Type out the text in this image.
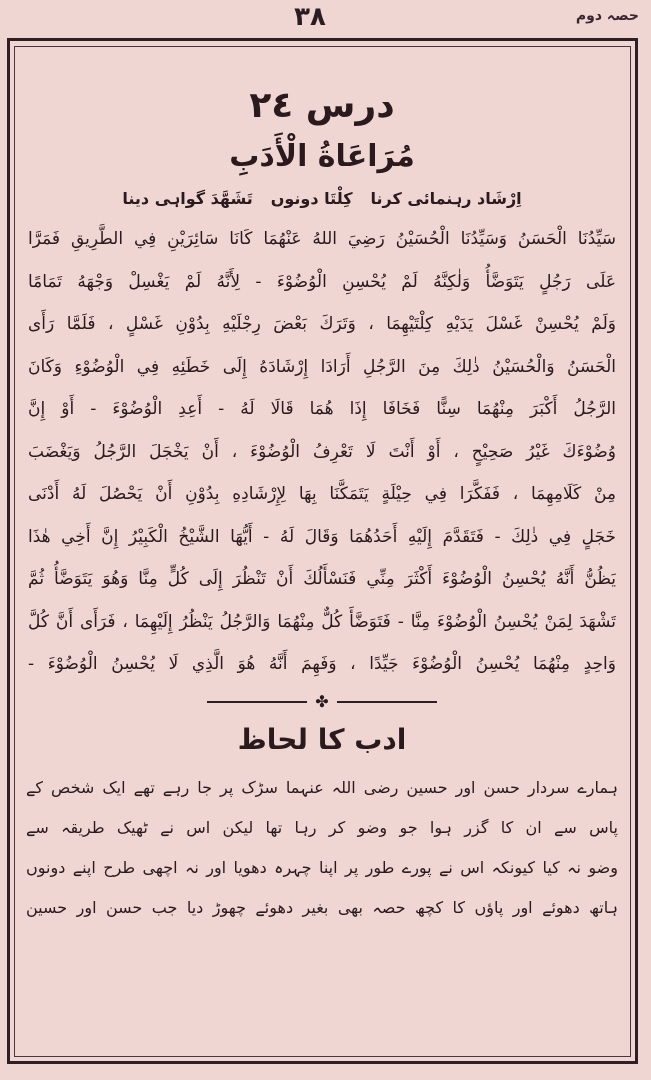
۳۸	حصہ دوم
درس ٢٤
مُرَاعَاةُ الْأَدَبِ
اِرْشَاد رہنمائی کرنا
كِلْتَا دونوں
تَشَهَّدَ گواہی دینا
سَيِّدُنَا الْحَسَنُ وَسَيِّدُنَا الْحُسَيْنُ رَضِيَ اللهُ عَنْهُمَا كَانَا سَائِرَيْنِ فِي الطَّرِيقِ فَمَرَّا
عَلَى رَجُلٍ يَتَوَضَّأُ وَلٰكِنَّهُ لَمْ يُحْسِنِ الْوُضُوْءَ - لِأَنَّهُ لَمْ يَغْسِلْ وَجْهَهُ تَمَامًا
وَلَمْ يُحْسِنْ غَسْلَ يَدَيْهِ كِلْتَيْهِمَا ، وَتَرَكَ بَعْضَ رِجْلَيْهِ بِدُوْنِ غَسْلٍ ، فَلَمَّا رَأَى
الْحَسَنُ وَالْحُسَيْنُ ذٰلِكَ مِنَ الرَّجُلِ أَرَادَا إِرْشَادَهُ إِلَى خَطَئِهِ فِي الْوُضُوْءِ وَكَانَ
الرَّجُلُ أَكْبَرَ مِنْهُمَا سِنًّا فَخَافَا إِذَا هُمَا قَالَا لَهُ - أَعِدِ الْوُضُوْءَ - أَوْ إِنَّ
وُضُوْءَكَ غَيْرُ صَحِيْحٍ ، أَوْ أَنْتَ لَا تَعْرِفُ الْوُضُوْءَ ، أَنْ يَخْجَلَ الرَّجُلُ وَيَغْضَبَ
مِنْ كَلَامِهِمَا ، فَفَكَّرَا فِي حِيْلَةٍ يَتَمَكَّنَا بِهَا لِإِرْشَادِهِ بِدُوْنِ أَنْ يَحْصُلَ لَهُ أَدْنَى
خَجَلٍ فِي ذٰلِكَ - فَتَقَدَّمَ إِلَيْهِ أَحَدُهُمَا وَقَالَ لَهُ - أَيُّهَا الشَّيْخُ الْكَبِيْرُ إِنَّ أَخِي هٰذَا
يَظُنُّ أَنَّهُ يُحْسِنُ الْوُضُوْءَ أَكْثَرَ مِنِّي فَنَسْأَلُكَ أَنْ تَنْظُرَ إِلَى كُلٍّ مِنَّا وَهُوَ يَتَوَضَّأُ ثُمَّ
تَشْهَدَ لِمَنْ يُحْسِنُ الْوُضُوْءَ مِنَّا - فَتَوَضَّأَ كُلٌّ مِنْهُمَا وَالرَّجُلُ يَنْظُرُ إِلَيْهِمَا ، فَرَأَى أَنَّ كُلَّ
وَاحِدٍ مِنْهُمَا يُحْسِنُ الْوُضُوْءَ جَيِّدًا ، وَفَهِمَ أَنَّهُ هُوَ الَّذِي لَا يُحْسِنُ الْوُضُوْءَ -
✤
ادب کا لحاظ
ہمارے سردار حسن اور حسین رضی اللہ عنہما سڑک پر جا رہے تھے ایک شخص کے
پاس سے ان کا گزر ہوا جو وضو کر رہا تھا لیکن اس نے ٹھیک طریقہ سے
وضو نہ کیا کیونکہ اس نے پورے طور پر اپنا چہرہ دھویا اور نہ اچھی طرح اپنے دونوں
ہاتھ دھوئے اور پاؤں کا کچھ حصہ بھی بغیر دھوئے چھوڑ دیا جب حسن اور حسین
